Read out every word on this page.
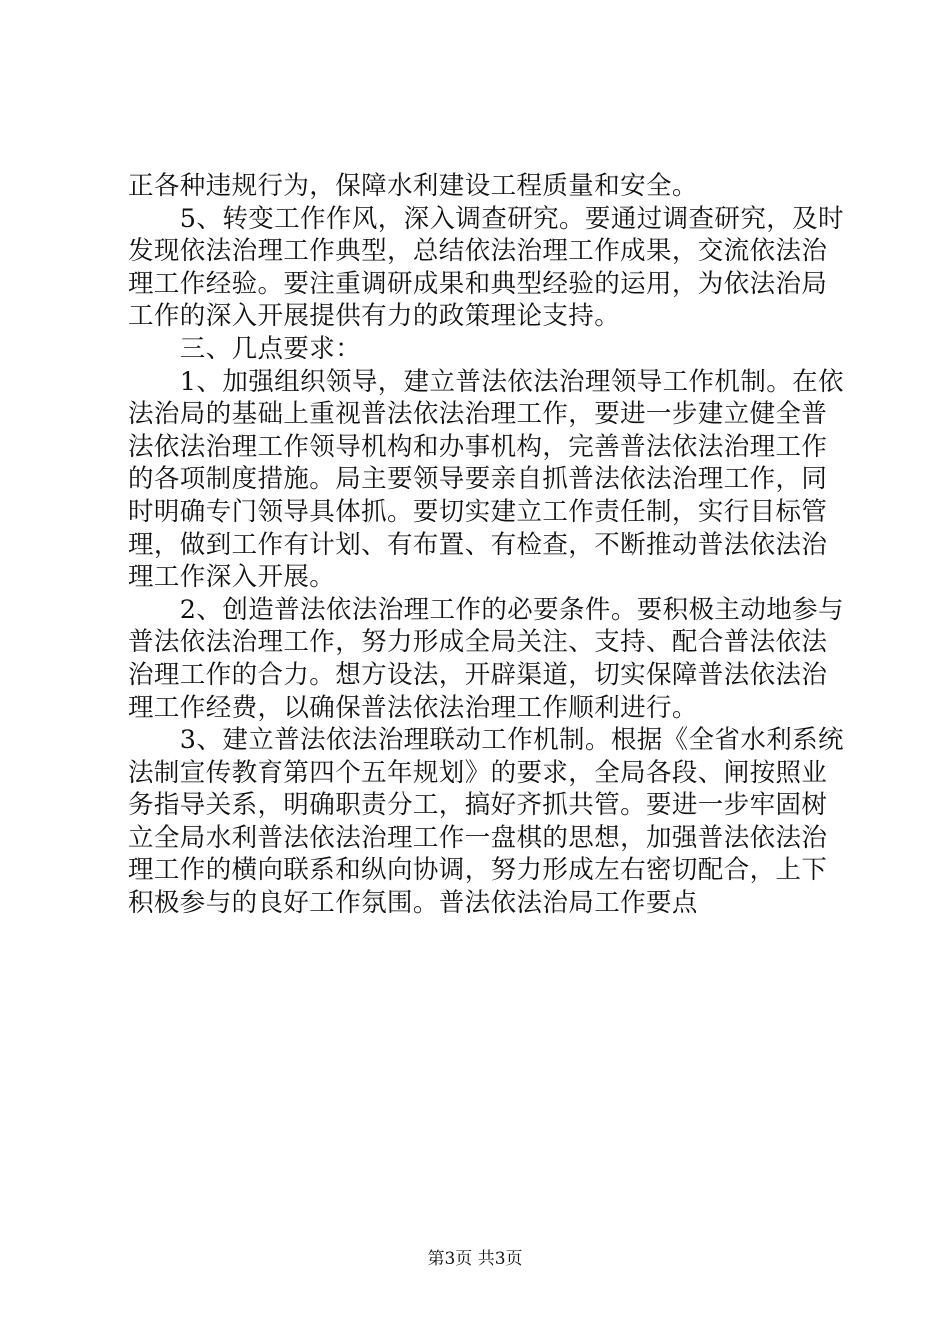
正各种违规行为，保障水利建设工程质量和安全。
　　5、转变工作作风，深入调查研究。要通过调查研究，及时
发现依法治理工作典型，总结依法治理工作成果，交流依法治
理工作经验。要注重调研成果和典型经验的运用，为依法治局
工作的深入开展提供有力的政策理论支持。
　　三、几点要求：
　　1、加强组织领导，建立普法依法治理领导工作机制。在依
法治局的基础上重视普法依法治理工作，要进一步建立健全普
法依法治理工作领导机构和办事机构，完善普法依法治理工作
的各项制度措施。局主要领导要亲自抓普法依法治理工作，同
时明确专门领导具体抓。要切实建立工作责任制，实行目标管
理，做到工作有计划、有布置、有检查，不断推动普法依法治
理工作深入开展。
　　2、创造普法依法治理工作的必要条件。要积极主动地参与
普法依法治理工作，努力形成全局关注、支持、配合普法依法
治理工作的合力。想方设法，开辟渠道，切实保障普法依法治
理工作经费，以确保普法依法治理工作顺利进行。
　　3、建立普法依法治理联动工作机制。根据《全省水利系统
法制宣传教育第四个五年规划》的要求，全局各段、闸按照业
务指导关系，明确职责分工，搞好齐抓共管。要进一步牢固树
立全局水利普法依法治理工作一盘棋的思想，加强普法依法治
理工作的横向联系和纵向协调，努力形成左右密切配合，上下
积极参与的良好工作氛围。普法依法治局工作要点
第3页 共3页
